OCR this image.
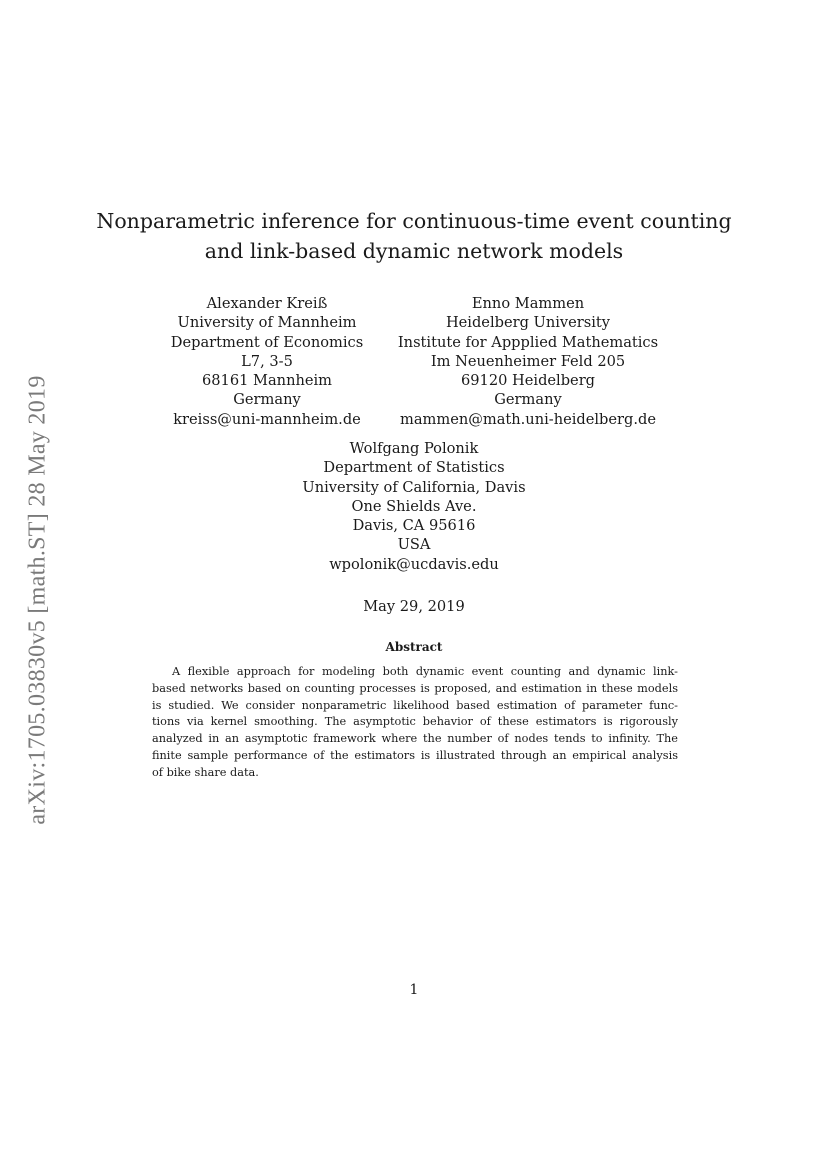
arXiv:1705.03830v5 [math.ST] 28 May 2019
Nonparametric inference for continuous-time event counting
and link-based dynamic network models
Alexander Kreiß
University of Mannheim
Department of Economics
L7, 3-5
68161 Mannheim
Germany
kreiss@uni-mannheim.de
Enno Mammen
Heidelberg University
Institute for Appplied Mathematics
Im Neuenheimer Feld 205
69120 Heidelberg
Germany
mammen@math.uni-heidelberg.de
Wolfgang Polonik
Department of Statistics
University of California, Davis
One Shields Ave.
Davis, CA 95616
USA
wpolonik@ucdavis.edu
May 29, 2019
Abstract
A flexible approach for modeling both dynamic event counting and dynamic link-
based networks based on counting processes is proposed, and estimation in these models
is studied. We consider nonparametric likelihood based estimation of parameter func-
tions via kernel smoothing. The asymptotic behavior of these estimators is rigorously
analyzed in an asymptotic framework where the number of nodes tends to infinity. The
finite sample performance of the estimators is illustrated through an empirical analysis
of bike share data.
1
